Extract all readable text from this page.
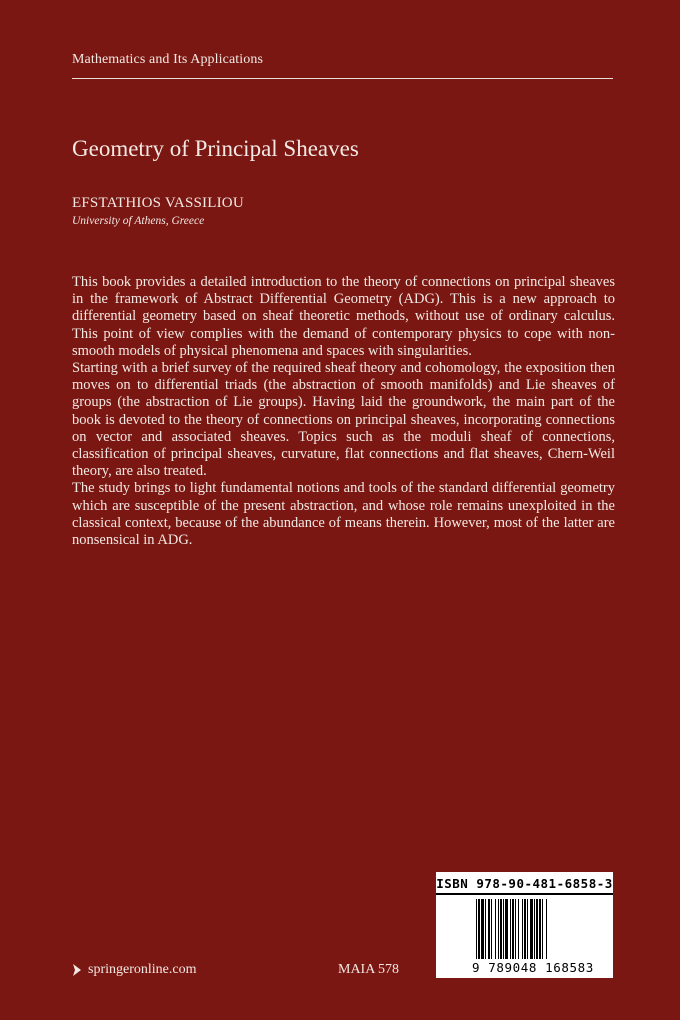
Mathematics and Its Applications
Geometry of Principal Sheaves
EFSTATHIOS VASSILIOU
University of Athens, Greece

This book provides a detailed introduction to the theory of connections on principal sheaves in the framework of Abstract Differential Geometry (ADG). This is a new approach to differential geometry based on sheaf theoretic methods, without use of ordinary calculus. This point of view complies with the demand of contemporary physics to cope with non-smooth models of physical phenomena and spaces with singularities.

Starting with a brief survey of the required sheaf theory and cohomology, the exposition then moves on to differential triads (the abstraction of smooth manifolds) and Lie sheaves of groups (the abstraction of Lie groups). Having laid the groundwork, the main part of the book is devoted to the theory of connections on principal sheaves, incorporating connections on vector and associated sheaves. Topics such as the moduli sheaf of connections, classification of principal sheaves, curvature, flat connections and flat sheaves, Chern-Weil theory, are also treated.

The study brings to light fundamental notions and tools of the standard differential geometry which are susceptible of the present abstraction, and whose role remains unexploited in the classical context, because of the abundance of means therein. However, most of the latter are nonsensical in ADG.

springeronline.com	MAIA 578
ISBN 978-90-481-6858-3
9 789048 168583
